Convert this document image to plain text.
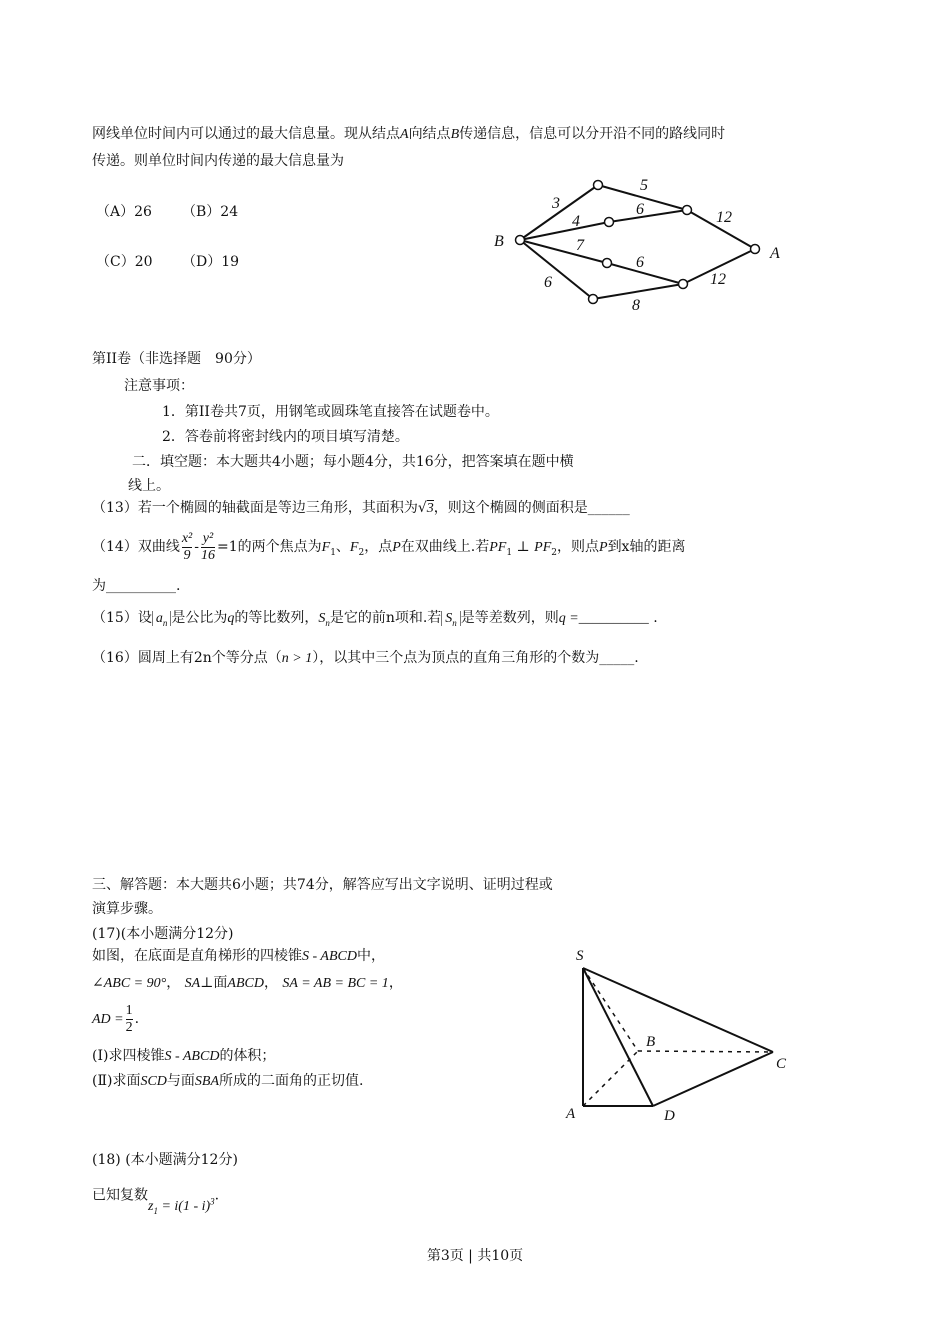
网线单位时间内可以通过的最大信息量。现从结点A向结点B传递信息，信息可以分开沿不同的路线同时
传递。则单位时间内传递的最大信息量为
（A）26 （B）24
（C）20 （D）19
B
A
3
5
4
6	12
7
6
6
8
12
第II卷（非选择题　90分）
注意事项：
1．第II卷共7页，用钢笔或圆珠笔直接答在试题卷中。
2．答卷前将密封线内的项目填写清楚。
二．填空题：本大题共4小题；每小题4分，共16分，把答案填在题中横
线上。
（13）若一个椭圆的轴截面是等边三角形，其面积为√3，则这个椭圆的侧面积是______
（14）双曲线 $\frac{\text{x²}}{9} - \frac{\text{y²}}{16} =1$的两个焦点为$F_1$、$F_2$，点P在双曲线上.若$PF_1$ ⊥ $PF_2$，则点P到x轴的距离
为__________.
（15）设 $a_n$ 是公比为q的等比数列，$S_n$是它的前n项和.若 $S_n$ 是等差数列，则q =__________ .
（16）圆周上有2n个等分点（n > 1），以其中三个点为顶点的直角三角形的个数为_____.
三、解答题：本大题共6小题；共74分，解答应写出文字说明、证明过程或
演算步骤。
(17)(本小题满分12分)
如图，在底面是直角梯形的四棱锥S - ABCD中，
∠ABC = 90°， SA⊥面ABCD， SA = AB = BC = 1，
AD = $\frac{1}{2}$ .
(Ⅰ)求四棱锥S - ABCD的体积；
(Ⅱ)求面SCD与面SBA所成的二面角的正切值.
S
A
B
C
D
(18) (本小题满分12分)
已知复数$z_1 = i(1 - i)^3$.
第3页 | 共10页
